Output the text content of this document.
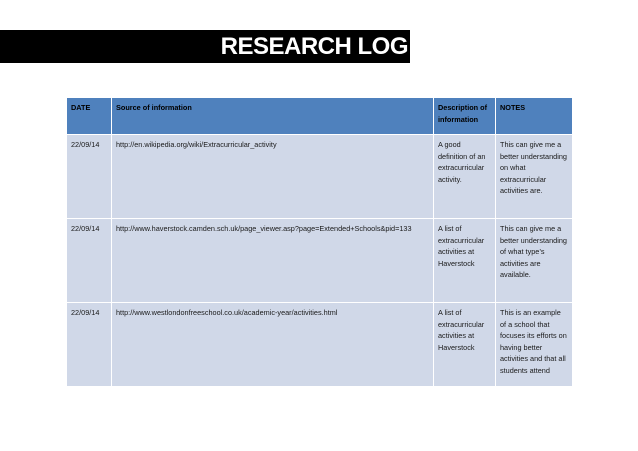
RESEARCH LOG
DATE	Source of information	Description of information	NOTES
22/09/14	http://en.wikipedia.org/wiki/Extracurricular_activity	A good definition of an extracurricular activity.	This can give me a better understanding on what extracurricular activities are.
22/09/14	http://www.haverstock.camden.sch.uk/page_viewer.asp?page=Extended+Schools&pid=133	A list of extracurricular activities at Haverstock	This can give me a better understanding of what type’s activities are available.
22/09/14	http://www.westlondonfreeschool.co.uk/academic-year/activities.html	A list of extracurricular activities at Haverstock	This is an example of a school that focuses its efforts on having better activities and that all students attend
